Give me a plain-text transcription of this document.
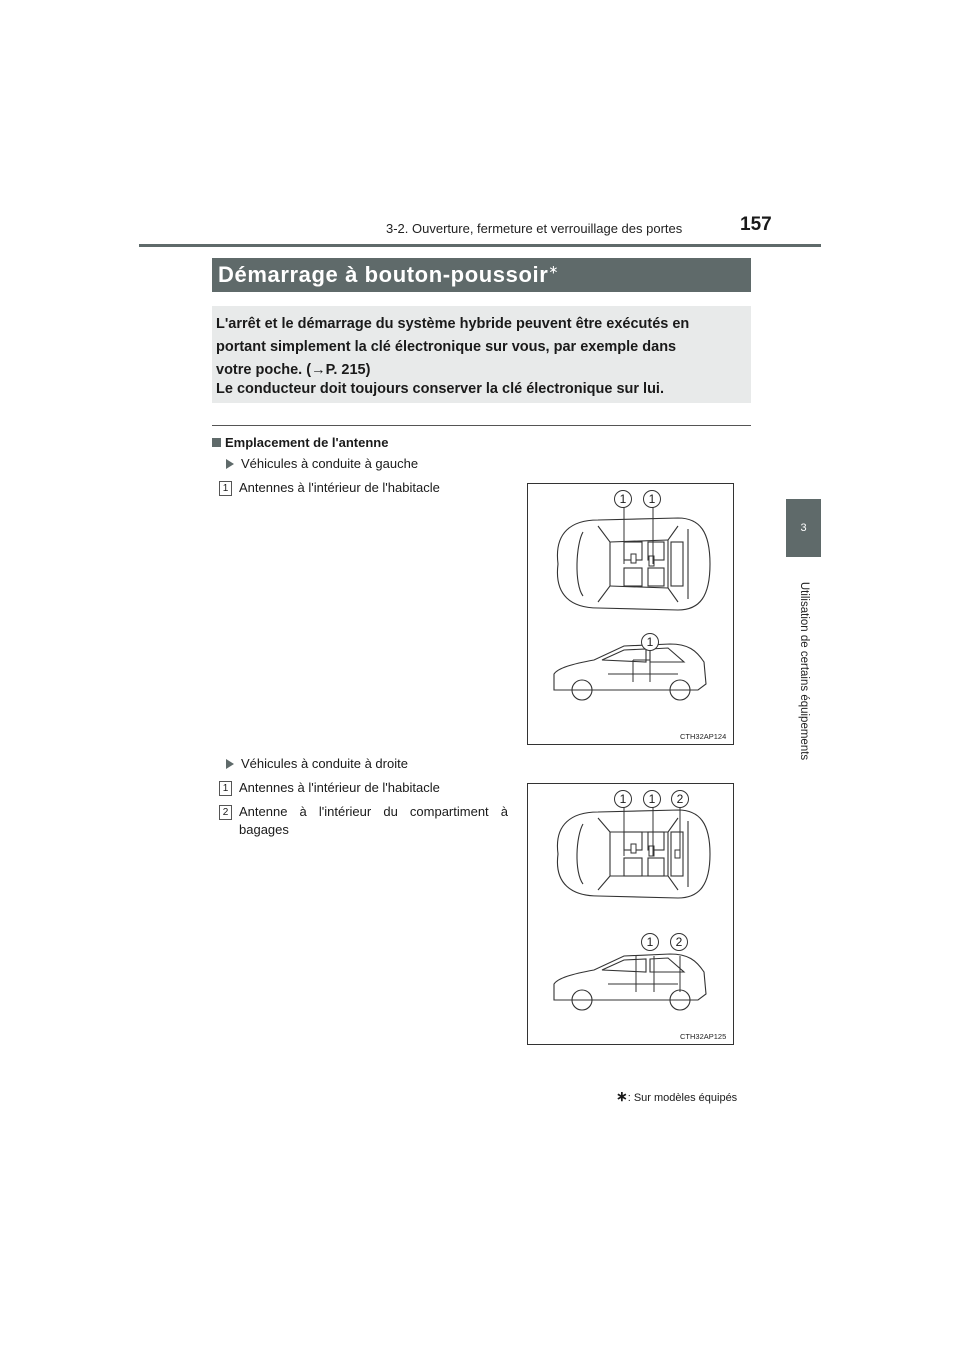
3-2. Ouverture, fermeture et verrouillage des portes	157
3
Utilisation de certains équipements
Démarrage à bouton-poussoir∗

L'arrêt et le démarrage du système hybride peuvent être exécutés en

portant simplement la clé électronique sur vous, par exemple dans

votre poche. (→P. 215)

Le conducteur doit toujours conserver la clé électronique sur lui.

Emplacement de l'antenne
Véhicules à conduite à gauche
1 Antennes à l'intérieur de l'habitacle
1	1
1
CTH32AP124
Véhicules à conduite à droite
1 Antennes à l'intérieur de l'habitacle
2 Antenne à l'intérieur du compartiment à
bagages
1	1	2
1	2
CTH32AP125
∗: Sur modèles équipés
